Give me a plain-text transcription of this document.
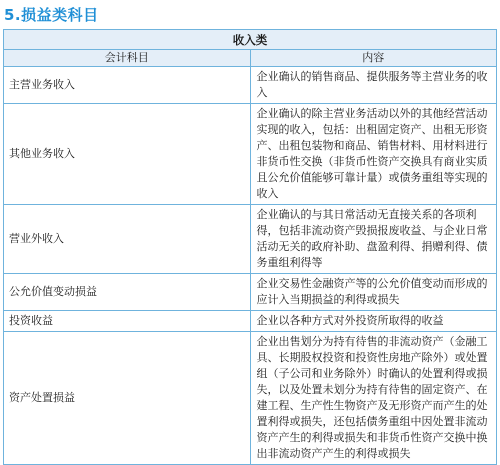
5.损益类科目
收入类	
会计科目	内容
主营业务收入	企业确认的销售商品、提供服务等主营业务的收入
其他业务收入	企业确认的除主营业务活动以外的其他经营活动实现的收入，包括：出租固定资产、出租无形资产、出租包装物和商品、销售材料、用材料进行非货币性交换（非货币性资产交换具有商业实质且公允价值能够可靠计量）或债务重组等实现的收入
营业外收入	企业确认的与其日常活动无直接关系的各项利得，包括非流动资产毁损报废收益、与企业日常活动无关的政府补助、盘盈利得、捐赠利得、债务重组利得等
公允价值变动损益	企业交易性金融资产等的公允价值变动而形成的应计入当期损益的利得或损失
投资收益	企业以各种方式对外投资所取得的收益
资产处置损益	企业出售划分为持有待售的非流动资产（金融工具、长期股权投资和投资性房地产除外）或处置组（子公司和业务除外）时确认的处置利得或损失，以及处置未划分为持有待售的固定资产、在建工程、生产性生物资产及无形资产而产生的处置利得或损失，还包括债务重组中因处置非流动资产产生的利得或损失和非货币性资产交换中换出非流动资产产生的利得或损失
